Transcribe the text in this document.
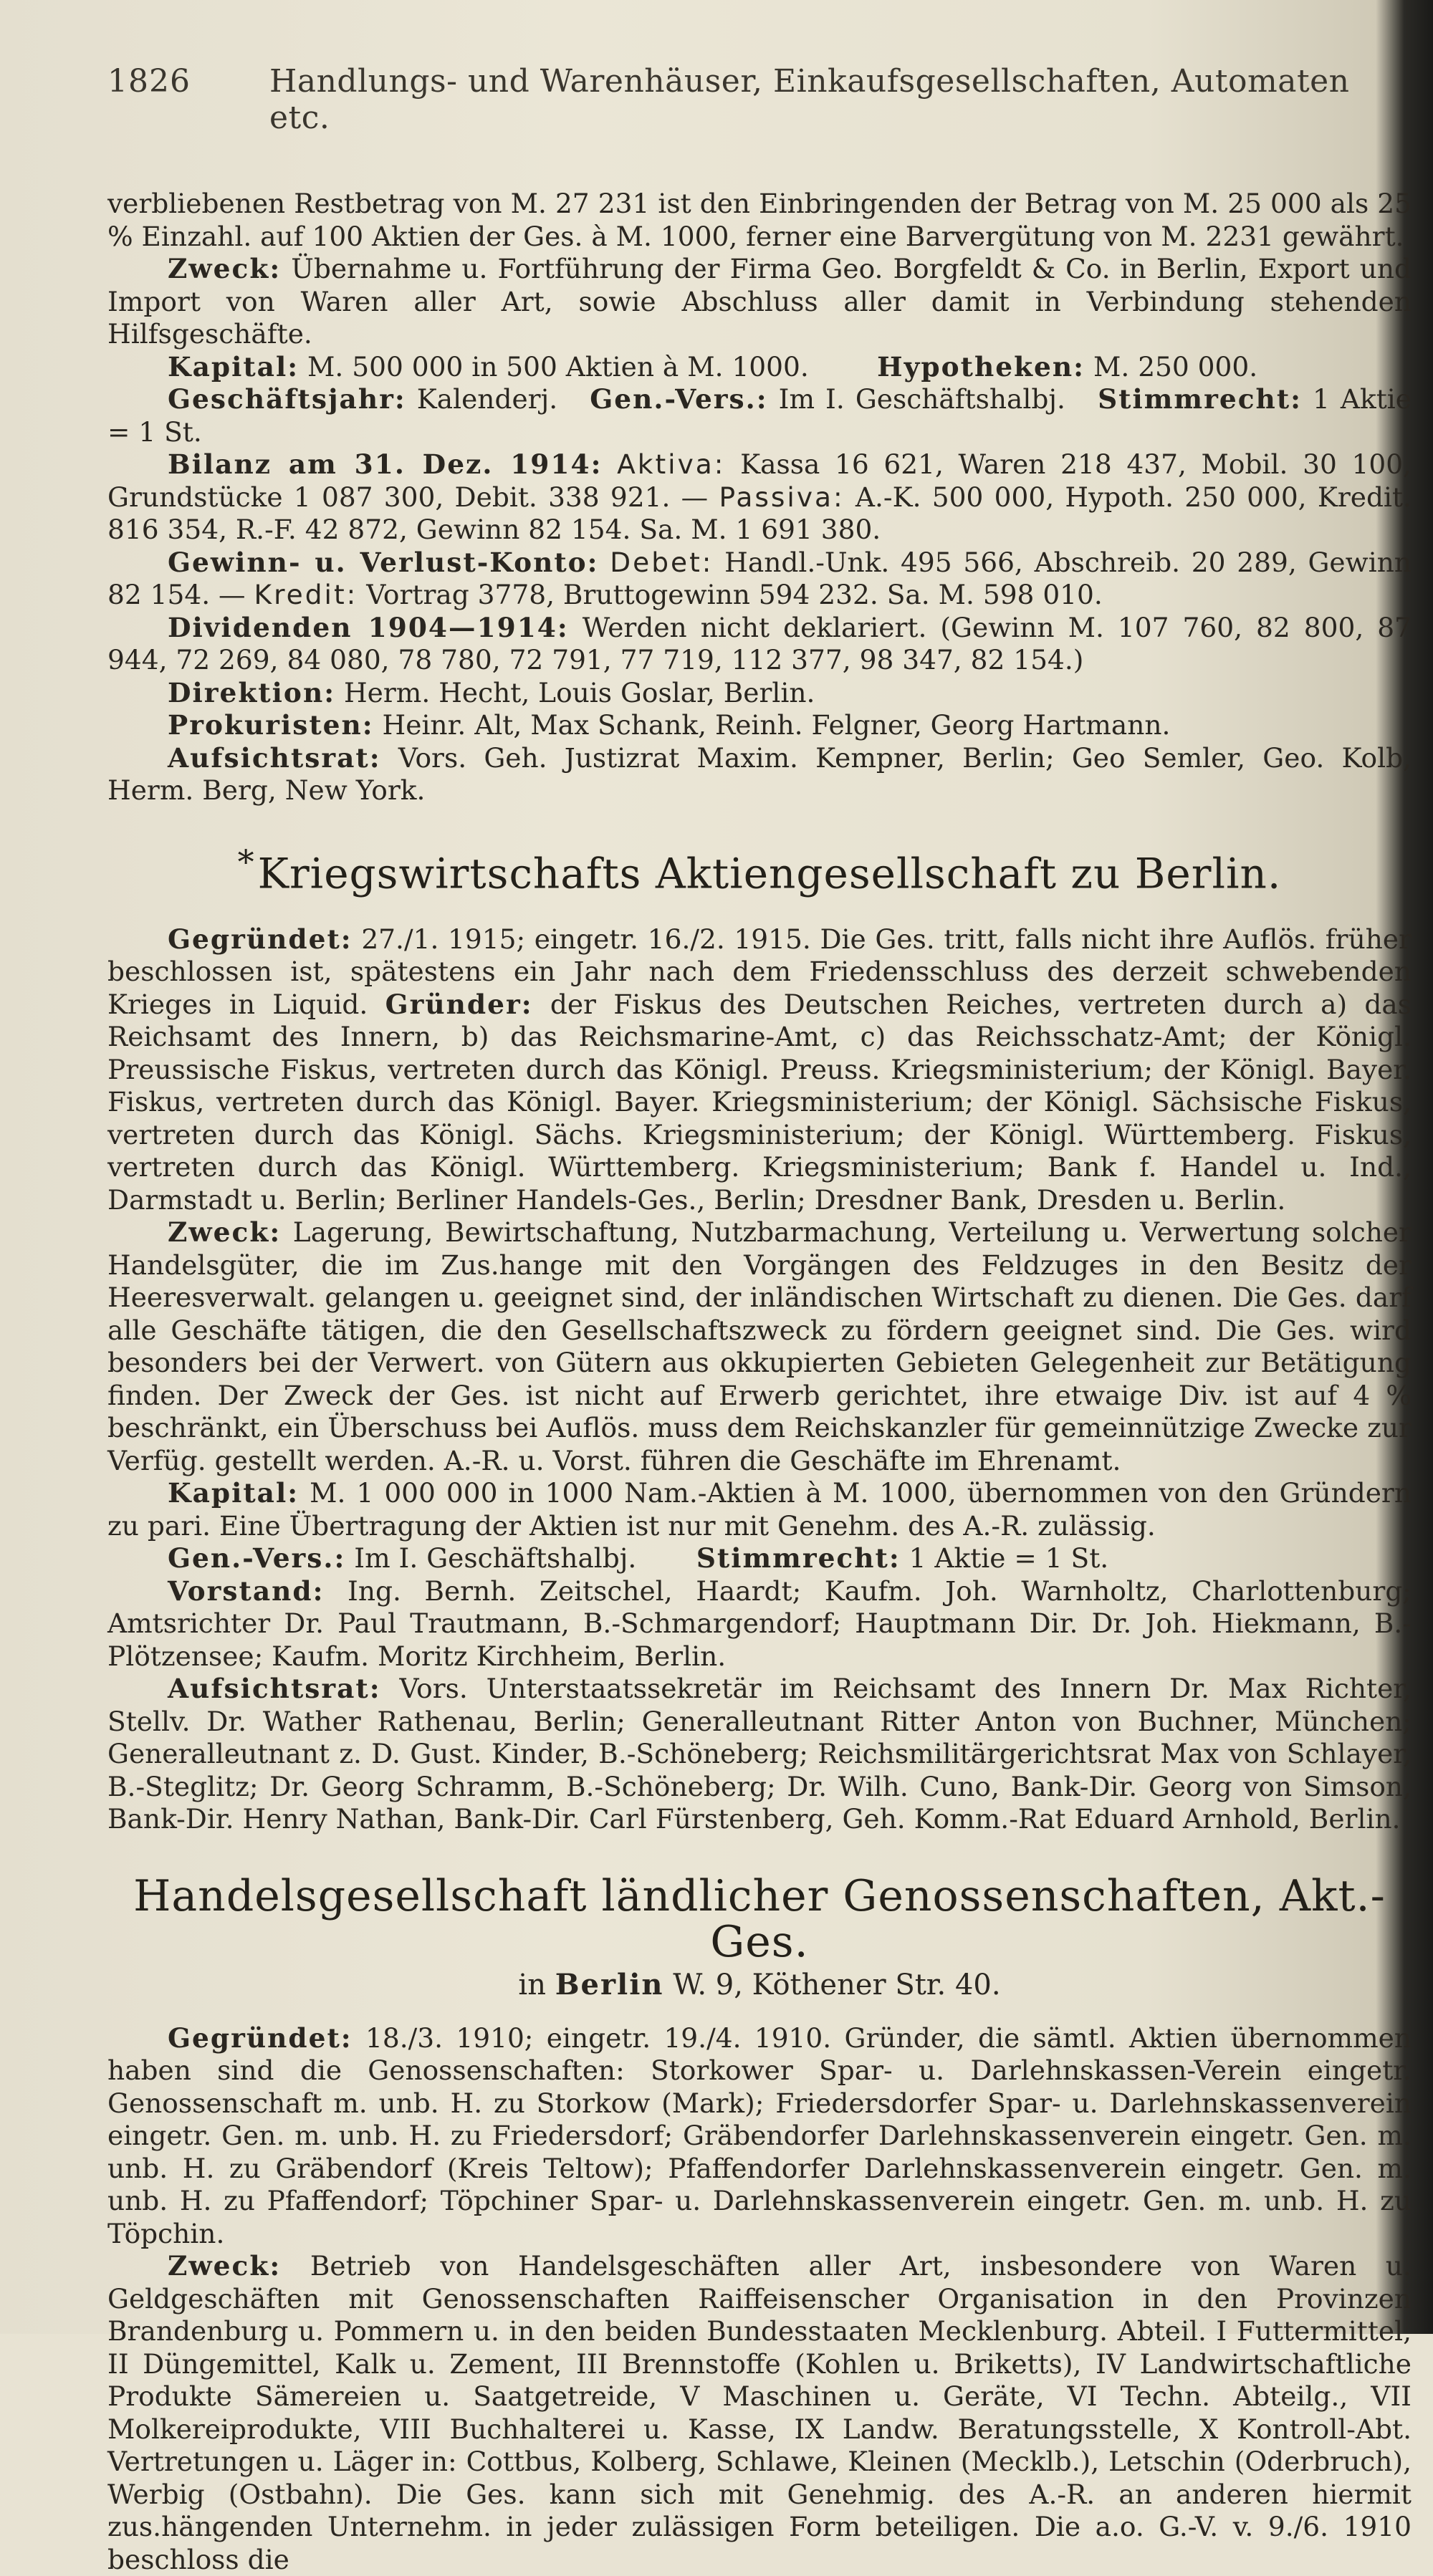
1826	Handlungs- und Warenhäuser, Einkaufsgesellschaften, Automaten etc.

verbliebenen Restbetrag von M. 27 231 ist den Einbringenden der Betrag von M. 25 000 als 25 % Einzahl. auf 100 Aktien der Ges. à M. 1000, ferner eine Barvergütung von M. 2231 gewährt.

Zweck: Übernahme u. Fortführung der Firma Geo. Borgfeldt & Co. in Berlin, Export und Import von Waren aller Art, sowie Abschluss aller damit in Verbindung stehenden Hilfsgeschäfte.

Kapital: M. 500 000 in 500 Aktien à M. 1000.	Hypotheken: M. 250 000.

Geschäftsjahr: Kalenderj. Gen.-Vers.: Im I. Geschäftshalbj. Stimmrecht: 1 Aktie = 1 St.

Bilanz am 31. Dez. 1914: Aktiva: Kassa 16 621, Waren 218 437, Mobil. 30 100, Grundstücke 1 087 300, Debit. 338 921. — Passiva: A.-K. 500 000, Hypoth. 250 000, Kredit. 816 354, R.-F. 42 872, Gewinn 82 154. Sa. M. 1 691 380.

Gewinn- u. Verlust-Konto: Debet: Handl.-Unk. 495 566, Abschreib. 20 289, Gewinn 82 154. — Kredit: Vortrag 3778, Bruttogewinn 594 232. Sa. M. 598 010.

Dividenden 1904—1914: Werden nicht deklariert. (Gewinn M. 107 760, 82 800, 87 944, 72 269, 84 080, 78 780, 72 791, 77 719, 112 377, 98 347, 82 154.)

Direktion: Herm. Hecht, Louis Goslar, Berlin.

Prokuristen: Heinr. Alt, Max Schank, Reinh. Felgner, Georg Hartmann.

Aufsichtsrat: Vors. Geh. Justizrat Maxim. Kempner, Berlin; Geo Semler, Geo. Kolb, Herm. Berg, New York.

*Kriegswirtschafts Aktiengesellschaft zu Berlin.

Gegründet: 27./1. 1915; eingetr. 16./2. 1915. Die Ges. tritt, falls nicht ihre Auflös. früher beschlossen ist, spätestens ein Jahr nach dem Friedensschluss des derzeit schwebenden Krieges in Liquid. Gründer: der Fiskus des Deutschen Reiches, vertreten durch a) das Reichsamt des Innern, b) das Reichsmarine-Amt, c) das Reichsschatz-Amt; der Königl. Preussische Fiskus, vertreten durch das Königl. Preuss. Kriegsministerium; der Königl. Bayer. Fiskus, vertreten durch das Königl. Bayer. Kriegsministerium; der Königl. Sächsische Fiskus, vertreten durch das Königl. Sächs. Kriegsministerium; der Königl. Württemberg. Fiskus, vertreten durch das Königl. Württemberg. Kriegsministerium; Bank f. Handel u. Ind., Darmstadt u. Berlin; Berliner Handels-Ges., Berlin; Dresdner Bank, Dresden u. Berlin.

Zweck: Lagerung, Bewirtschaftung, Nutzbarmachung, Verteilung u. Verwertung solcher Handelsgüter, die im Zus.hange mit den Vorgängen des Feldzuges in den Besitz der Heeresverwalt. gelangen u. geeignet sind, der inländischen Wirtschaft zu dienen. Die Ges. darf alle Geschäfte tätigen, die den Gesellschaftszweck zu fördern geeignet sind. Die Ges. wird besonders bei der Verwert. von Gütern aus okkupierten Gebieten Gelegenheit zur Betätigung finden. Der Zweck der Ges. ist nicht auf Erwerb gerichtet, ihre etwaige Div. ist auf 4 % beschränkt, ein Überschuss bei Auflös. muss dem Reichskanzler für gemeinnützige Zwecke zur Verfüg. gestellt werden. A.-R. u. Vorst. führen die Geschäfte im Ehrenamt.

Kapital: M. 1 000 000 in 1000 Nam.-Aktien à M. 1000, übernommen von den Gründern zu pari. Eine Übertragung der Aktien ist nur mit Genehm. des A.-R. zulässig.

Gen.-Vers.: Im I. Geschäftshalbj. Stimmrecht: 1 Aktie = 1 St.

Vorstand: Ing. Bernh. Zeitschel, Haardt; Kaufm. Joh. Warnholtz, Charlottenburg; Amtsrichter Dr. Paul Trautmann, B.-Schmargendorf; Hauptmann Dir. Dr. Joh. Hiekmann, B.-Plötzensee; Kaufm. Moritz Kirchheim, Berlin.

Aufsichtsrat: Vors. Unterstaatssekretär im Reichsamt des Innern Dr. Max Richter, Stellv. Dr. Wather Rathenau, Berlin; Generalleutnant Ritter Anton von Buchner, München; Generalleutnant z. D. Gust. Kinder, B.-Schöneberg; Reichsmilitärgerichtsrat Max von Schlayer, B.-Steglitz; Dr. Georg Schramm, B.-Schöneberg; Dr. Wilh. Cuno, Bank-Dir. Georg von Simson, Bank-Dir. Henry Nathan, Bank-Dir. Carl Fürstenberg, Geh. Komm.-Rat Eduard Arnhold, Berlin.

Handelsgesellschaft ländlicher Genossenschaften, Akt.-Ges.
in Berlin W. 9, Köthener Str. 40.

Gegründet: 18./3. 1910; eingetr. 19./4. 1910. Gründer, die sämtl. Aktien übernommen haben sind die Genossenschaften: Storkower Spar- u. Darlehnskassen-Verein eingetr. Genossenschaft m. unb. H. zu Storkow (Mark); Friedersdorfer Spar- u. Darlehnskassenverein eingetr. Gen. m. unb. H. zu Friedersdorf; Gräbendorfer Darlehnskassenverein eingetr. Gen. m. unb. H. zu Gräbendorf (Kreis Teltow); Pfaffendorfer Darlehnskassenverein eingetr. Gen. m. unb. H. zu Pfaffendorf; Töpchiner Spar- u. Darlehnskassenverein eingetr. Gen. m. unb. H. zu Töpchin.

Zweck: Betrieb von Handelsgeschäften aller Art, insbesondere von Waren u. Geldgeschäften mit Genossenschaften Raiffeisenscher Organisation in den Provinzen Brandenburg u. Pommern u. in den beiden Bundesstaaten Mecklenburg. Abteil. I Futtermittel, II Düngemittel, Kalk u. Zement, III Brennstoffe (Kohlen u. Briketts), IV Landwirtschaftliche Produkte Sämereien u. Saatgetreide, V Maschinen u. Geräte, VI Techn. Abteilg., VII Molkereiprodukte, VIII Buchhalterei u. Kasse, IX Landw. Beratungsstelle, X Kontroll-Abt. Vertretungen u. Läger in: Cottbus, Kolberg, Schlawe, Kleinen (Mecklb.), Letschin (Oderbruch), Werbig (Ostbahn). Die Ges. kann sich mit Genehmig. des A.-R. an anderen hiermit zus.hängenden Unternehm. in jeder zulässigen Form beteiligen. Die a.o. G.-V. v. 9./6. 1910 beschloss die
